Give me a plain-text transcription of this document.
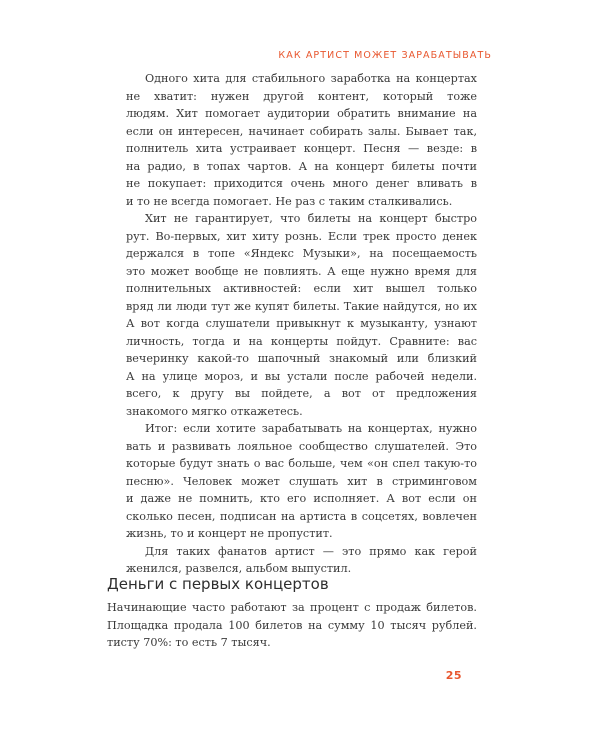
КАК АРТИСТ МОЖЕТ ЗАРАБАТЫВАТЬ
Одного хита для стабильного заработка на концертах
не хватит: нужен другой контент, который тоже
людям. Хит помогает аудитории обратить внимание на
если он интересен, начинает собирать залы. Бывает так,
полнитель хита устраивает концерт. Песня — везде: в
на радио, в топах чартов. А на концерт билеты почти
не покупает: приходится очень много денег вливать в
и то не всегда помогает. Не раз с таким сталкивались.
Хит не гарантирует, что билеты на концерт быстро
рут. Во-первых, хит хиту рознь. Если трек просто денек
держался в топе «Яндекс Музыки», на посещаемость
это может вообще не повлиять. А еще нужно время для
полнительных активностей: если хит вышел только
вряд ли люди тут же купят билеты. Такие найдутся, но их
А вот когда слушатели привыкнут к музыканту, узнают
личность, тогда и на концерты пойдут. Сравните: вас
вечеринку какой-то шапочный знакомый или близкий
А на улице мороз, и вы устали после рабочей недели.
всего, к другу вы пойдете, а вот от предложения
знакомого мягко откажетесь.
Итог: если хотите зарабатывать на концертах, нужно
вать и развивать лояльное сообщество слушателей. Это
которые будут знать о вас больше, чем «он спел такую-то
песню». Человек может слушать хит в стриминговом
и даже не помнить, кто его исполняет. А вот если он
сколько песен, подписан на артиста в соцсетях, вовлечен
жизнь, то и концерт не пропустит.
Для таких фанатов артист — это прямо как герой
женился, развелся, альбом выпустил.
Деньги с первых концертов
Начинающие часто работают за процент с продаж билетов.
Площадка продала 100 билетов на сумму 10 тысяч рублей.
тисту 70%: то есть 7 тысяч.
25
